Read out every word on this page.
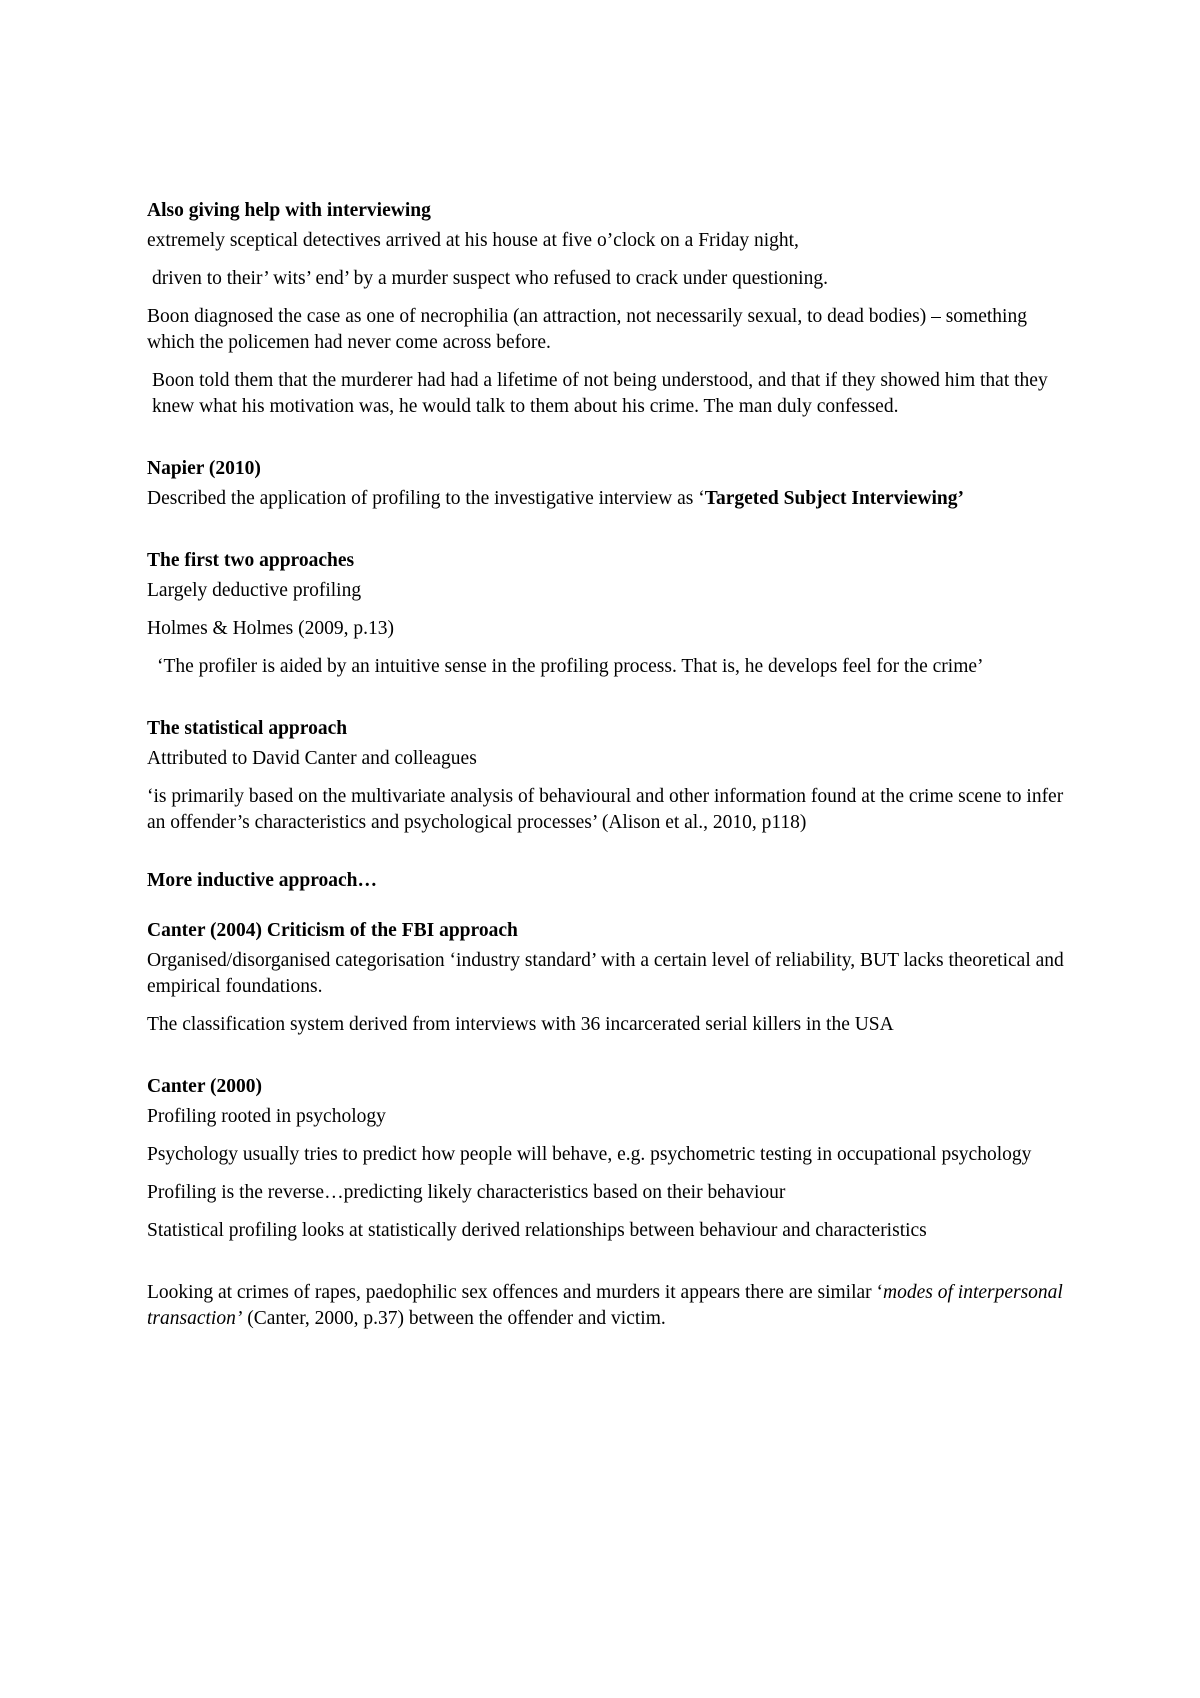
Also giving help with interviewing
extremely sceptical detectives arrived at his house at five o’clock on a Friday night,
driven to their’ wits’ end’ by a murder suspect who refused to crack under questioning.
Boon diagnosed the case as one of necrophilia (an attraction, not necessarily sexual, to dead bodies) – something which the policemen had never come across before.
Boon told them that the murderer had had a lifetime of not being understood, and that if they showed him that they knew what his motivation was, he would talk to them about his crime. The man duly confessed.
Napier (2010)
Described the application of profiling to the investigative interview as ‘Targeted Subject Interviewing’
The first two approaches
Largely deductive profiling
Holmes & Holmes (2009, p.13)
‘The profiler is aided by an intuitive sense in the profiling process. That is, he develops feel for the crime’
The statistical approach
Attributed to David Canter and colleagues
‘is primarily based on the multivariate analysis of behavioural and other information found at the crime scene to infer an offender’s characteristics and psychological processes’ (Alison et al., 2010, p118)
More inductive approach…
Canter (2004) Criticism of the FBI approach
Organised/disorganised categorisation ‘industry standard’ with a certain level of reliability, BUT lacks theoretical and empirical foundations.
The classification system derived from interviews with 36 incarcerated serial killers in the USA
Canter (2000)
Profiling rooted in psychology
Psychology usually tries to predict how people will behave, e.g. psychometric testing in occupational psychology
Profiling is the reverse…predicting likely characteristics based on their behaviour
Statistical profiling looks at statistically derived relationships between behaviour and characteristics
Looking at crimes of rapes, paedophilic sex offences and murders it appears there are similar ‘modes of interpersonal transaction’ (Canter, 2000, p.37) between the offender and victim.
